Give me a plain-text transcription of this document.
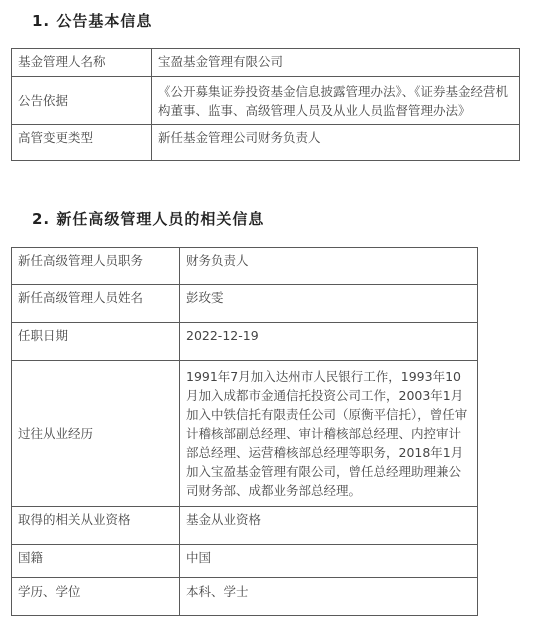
1. 公告基本信息
基金管理人名称	宝盈基金管理有限公司
公告依据	《公开募集证券投资基金信息披露管理办法》、《证券基金经营机构董事、监事、高级管理人员及从业人员监督管理办法》
高管变更类型	新任基金管理公司财务负责人
2. 新任高级管理人员的相关信息
新任高级管理人员职务	财务负责人
新任高级管理人员姓名	彭玫雯
任职日期	2022-12-19
过往从业经历	1991年7月加入达州市人民银行工作，1993年10月加入成都市金通信托投资公司工作，2003年1月加入中铁信托有限责任公司（原衡平信托），曾任审计稽核部副总经理、审计稽核部总经理、内控审计部总经理、运营稽核部总经理等职务，2018年1月加入宝盈基金管理有限公司，曾任总经理助理兼公司财务部、成都业务部总经理。
取得的相关从业资格	基金从业资格
国籍	中国
学历、学位	本科、学士
